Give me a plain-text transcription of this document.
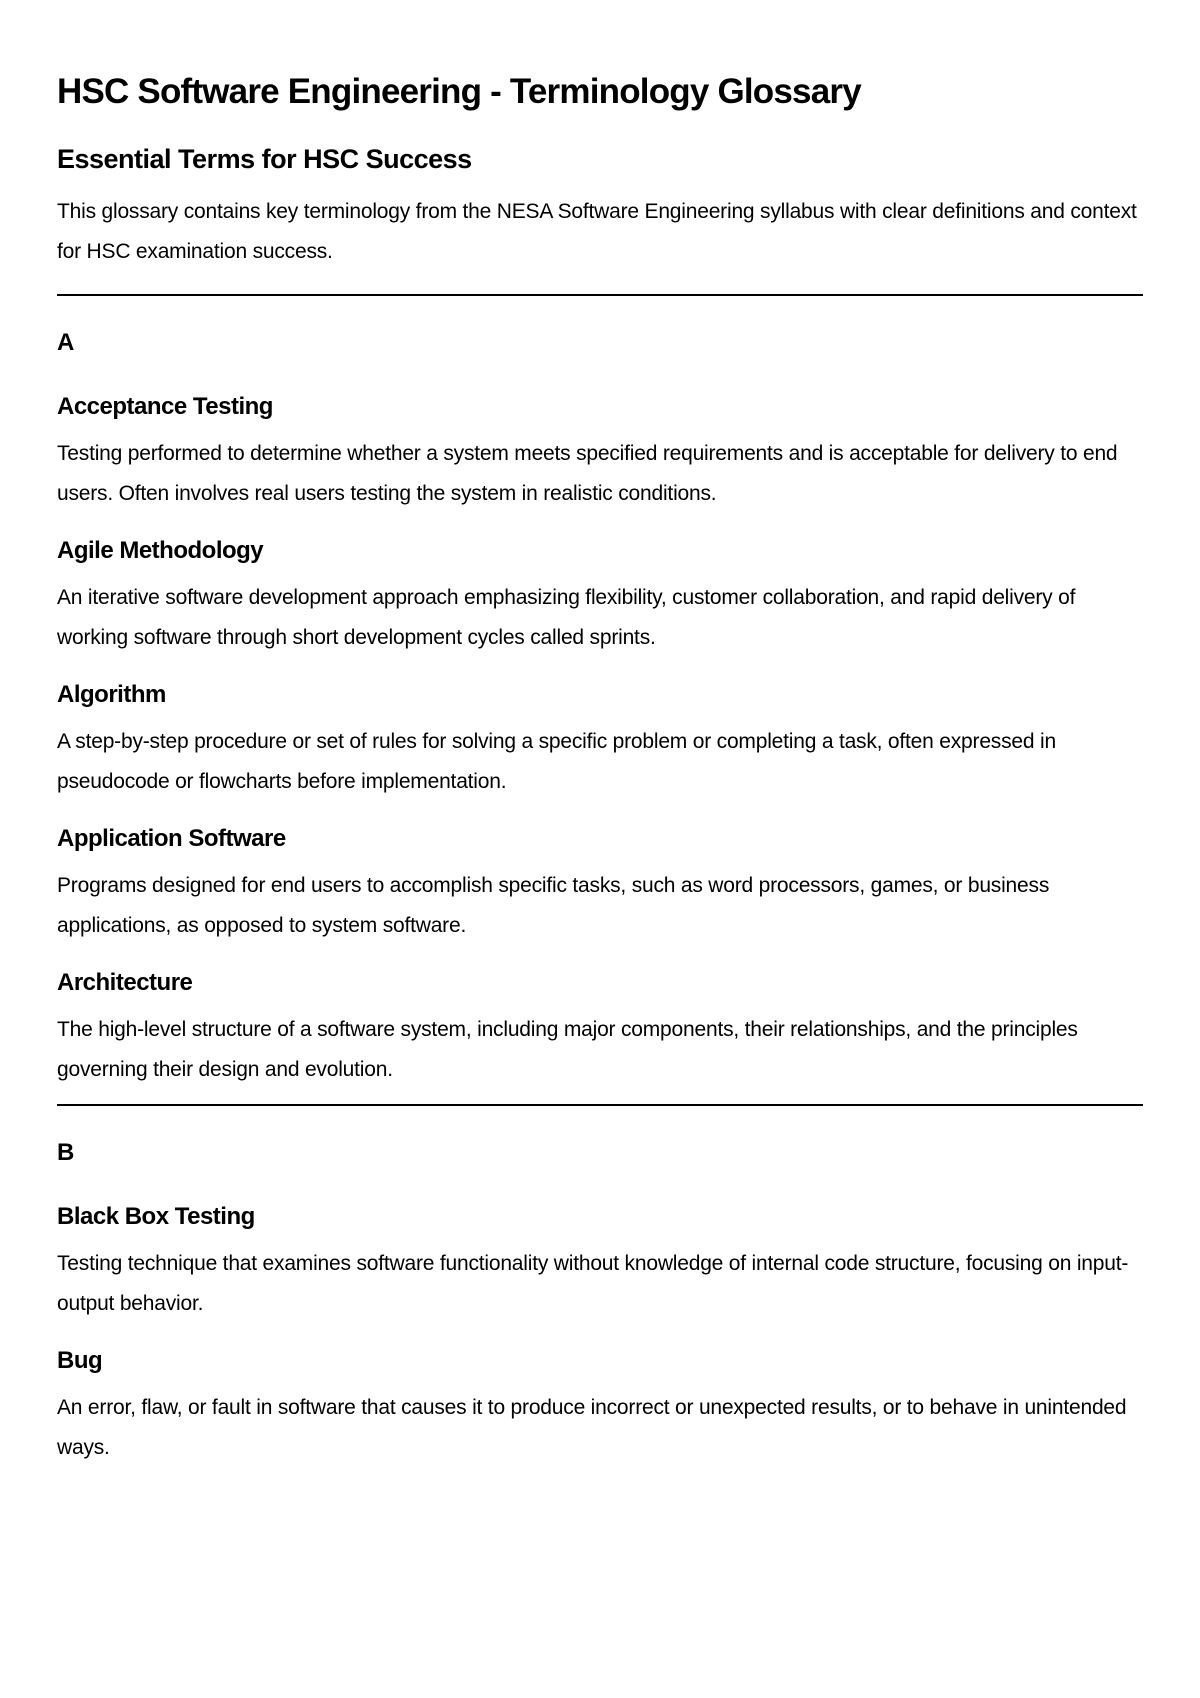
HSC Software Engineering - Terminology Glossary
Essential Terms for HSC Success

This glossary contains key terminology from the NESA Software Engineering syllabus with clear definitions and context for HSC examination success.

A
Acceptance Testing

Testing performed to determine whether a system meets specified requirements and is acceptable for delivery to end users. Often involves real users testing the system in realistic conditions.

Agile Methodology

An iterative software development approach emphasizing flexibility, customer collaboration, and rapid delivery of working software through short development cycles called sprints.

Algorithm

A step-by-step procedure or set of rules for solving a specific problem or completing a task, often expressed in pseudocode or flowcharts before implementation.

Application Software

Programs designed for end users to accomplish specific tasks, such as word processors, games, or business applications, as opposed to system software.

Architecture

The high-level structure of a software system, including major components, their relationships, and the principles governing their design and evolution.

B
Black Box Testing

Testing technique that examines software functionality without knowledge of internal code structure, focusing on input-output behavior.

Bug

An error, flaw, or fault in software that causes it to produce incorrect or unexpected results, or to behave in unintended ways.
